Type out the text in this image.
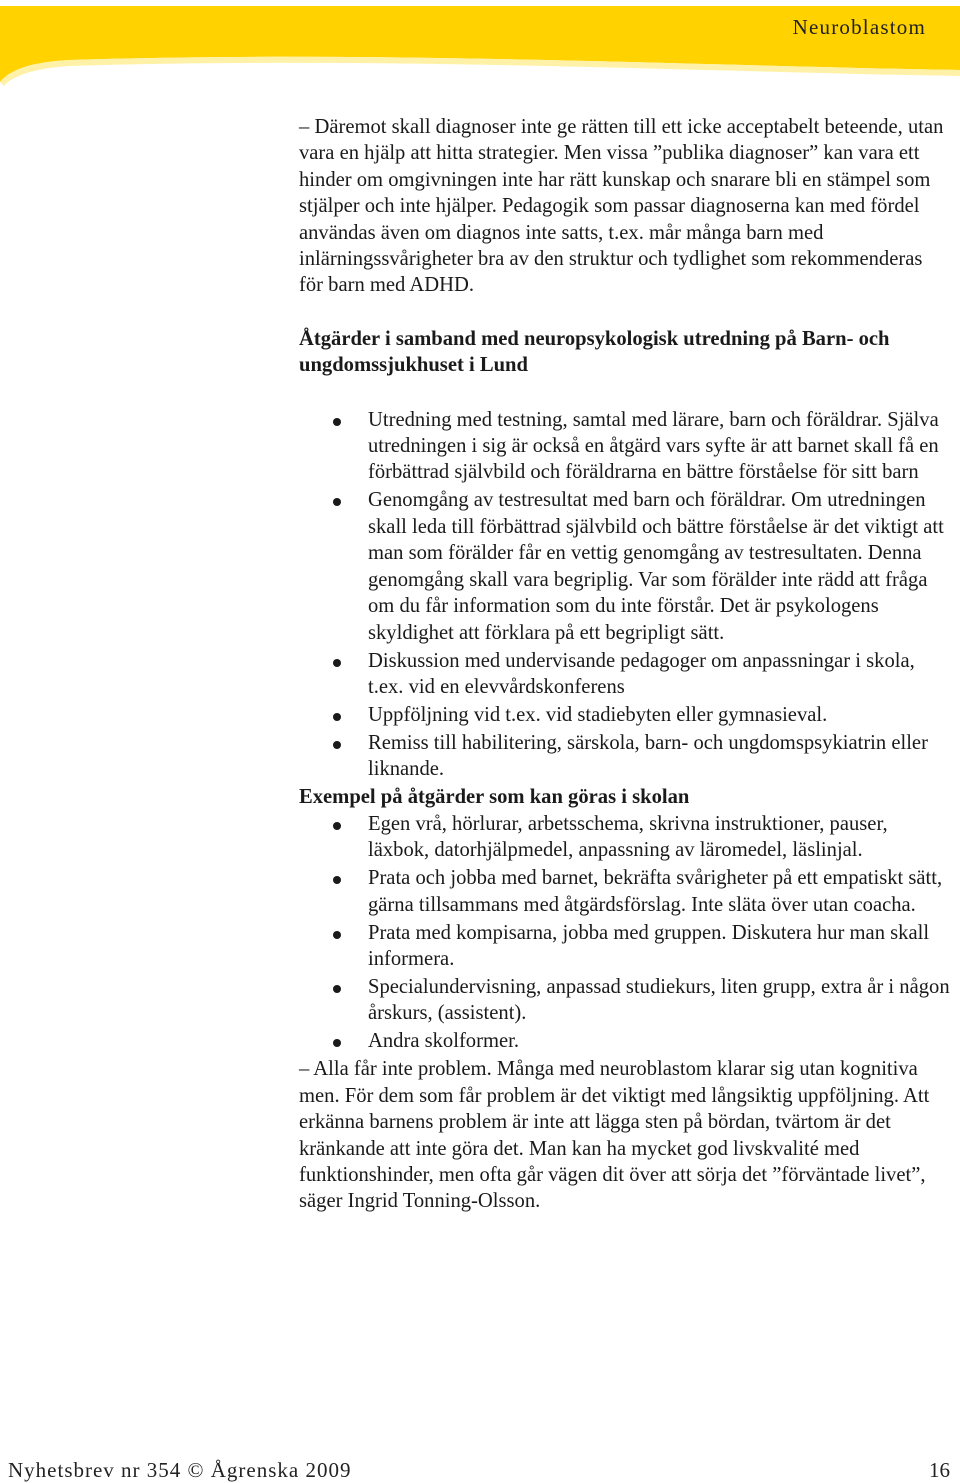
Neuroblastom

– Däremot skall diagnoser inte ge rätten till ett icke acceptabelt beteende, utan vara en hjälp att hitta strategier. Men vissa ”publika diagnoser” kan vara ett hinder om omgivningen inte har rätt kunskap och snarare bli en stämpel som stjälper och inte hjälper. Pedagogik som passar diagnoserna kan med fördel användas även om diagnos inte satts, t.ex. mår många barn med inlärningssvårigheter bra av den struktur och tydlighet som rekommenderas för barn med ADHD.

Åtgärder i samband med neuropsykologisk utredning på Barn- och ungdomssjukhuset i Lund
Utredning med testning, samtal med lärare, barn och föräldrar. Själva utredningen i sig är också en åtgärd vars syfte är att barnet skall få en förbättrad självbild och föräldrarna en bättre förståelse för sitt barn
Genomgång av testresultat med barn och föräldrar. Om utredningen skall leda till förbättrad självbild och bättre förståelse är det viktigt att man som förälder får en vettig genomgång av testresultaten. Denna genomgång skall vara begriplig. Var som förälder inte rädd att fråga om du får information som du inte förstår. Det är psykologens skyldighet att förklara på ett begripligt sätt.
Diskussion med undervisande pedagoger om anpassningar i skola, t.ex. vid en elevvårdskonferens
Uppföljning vid t.ex. vid stadiebyten eller gymnasieval.
Remiss till habilitering, särskola, barn- och ungdomspsykiatrin eller liknande.
Exempel på åtgärder som kan göras i skolan
Egen vrå, hörlurar, arbetsschema, skrivna instruktioner, pauser, läxbok, datorhjälpmedel, anpassning av läromedel, läslinjal.
Prata och jobba med barnet, bekräfta svårigheter på ett empatiskt sätt, gärna tillsammans med åtgärdsförslag. Inte släta över utan coacha.
Prata med kompisarna, jobba med gruppen. Diskutera hur man skall informera.
Specialundervisning, anpassad studiekurs, liten grupp, extra år i någon årskurs, (assistent).
Andra skolformer.

– Alla får inte problem. Många med neuroblastom klarar sig utan kognitiva men. För dem som får problem är det viktigt med långsiktig uppföljning. Att erkänna barnens problem är inte att lägga sten på bördan, tvärtom är det kränkande att inte göra det. Man kan ha mycket god livskvalité med funktionshinder, men ofta går vägen dit över att sörja det ”förväntade livet”, säger Ingrid Tonning-Olsson.

Nyhetsbrev nr 354 © Ågrenska 2009	16
